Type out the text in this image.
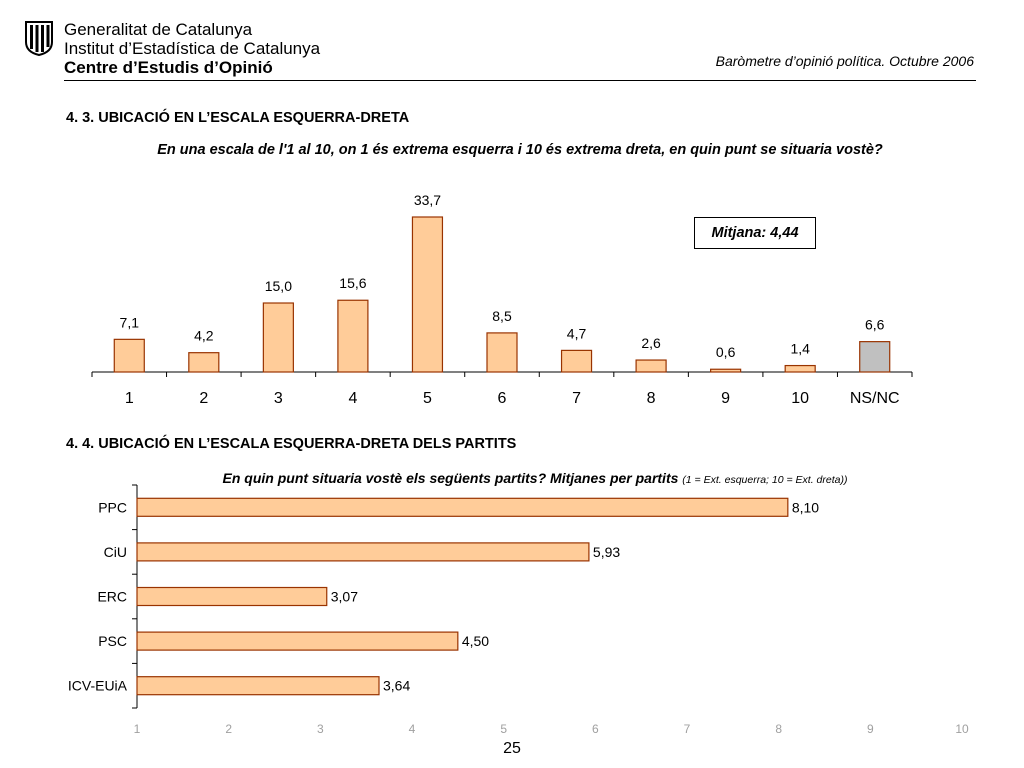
Generalitat de Catalunya
Institut d’Estadística de Catalunya
Centre d’Estudis d’Opinió	Baròmetre d’opinió política. Octubre 2006
4. 3. UBICACIÓ EN L’ESCALA ESQUERRA-DRETA
En una escala de l'1 al 10, on 1 és extrema esquerra i 10 és extrema dreta, en quin punt se situaria vostè?
Mitjana: 4,44
4. 4. UBICACIÓ EN L’ESCALA ESQUERRA-DRETA DELS PARTITS
En quin punt situaria vostè els següents partits? Mitjanes per partits (1 = Ext. esquerra; 10 = Ext. dreta))
7,1
1
4,2
2
15,0
3
15,6
4
33,7
5
8,5
6
4,7
7
2,6
8
0,6
9
1,4
10
6,6
NS/NC
8,10
PPC
5,93
CiU
3,07
ERC
4,50
PSC
3,64
ICV-EUiA
1	2	3	4	5	6	7	8	9	10
25
